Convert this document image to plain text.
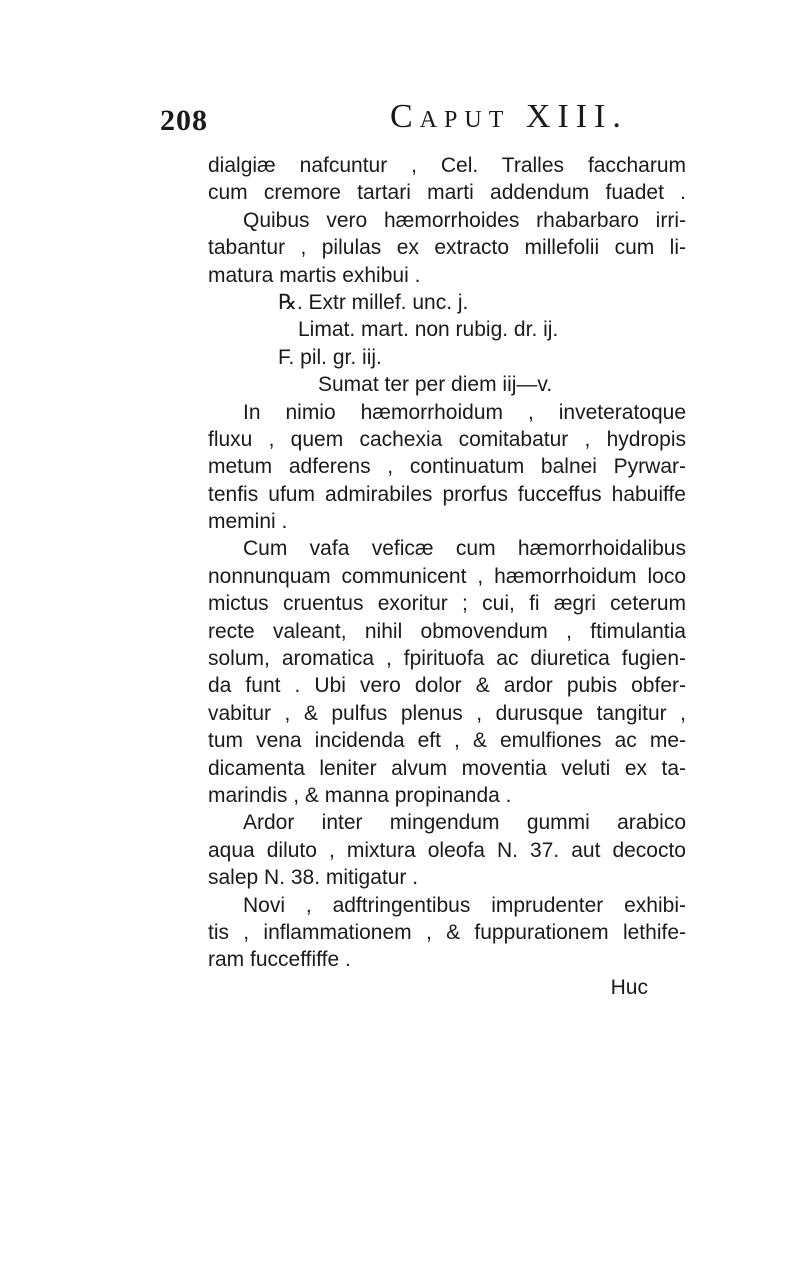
208	Caput XIII.
dialgiæ nafcuntur , Cel. Tralles faccharum
cum cremore tartari marti addendum fuadet .
Quibus vero hæmorrhoides rhabarbaro irri-
tabantur , pilulas ex extracto millefolii cum li-
matura martis exhibui .
℞. Extr millef. unc. j.
Limat. mart. non rubig. dr. ij.
F. pil. gr. iij.
Sumat ter per diem iij—v.
In nimio hæmorrhoidum , inveteratoque
fluxu , quem cachexia comitabatur , hydropis
metum adferens , continuatum balnei Pyrwar-
tenfis ufum admirabiles prorfus fucceffus habuiffe
memini .
Cum vafa veficæ cum hæmorrhoidalibus
nonnunquam communicent , hæmorrhoidum loco
mictus cruentus exoritur ; cui, fi ægri ceterum
recte valeant, nihil obmovendum , ftimulantia
solum, aromatica , fpirituofa ac diuretica fugien-
da funt . Ubi vero dolor & ardor pubis obfer-
vabitur , & pulfus plenus , durusque tangitur ,
tum vena incidenda eft , & emulfiones ac me-
dicamenta leniter alvum moventia veluti ex ta-
marindis , & manna propinanda .
Ardor inter mingendum gummi arabico
aqua diluto , mixtura oleofa N. 37. aut decocto
salep N. 38. mitigatur .
Novi , adftringentibus imprudenter exhibi-
tis , inflammationem , & fuppurationem lethife-
ram fucceffiffe .
Huc
